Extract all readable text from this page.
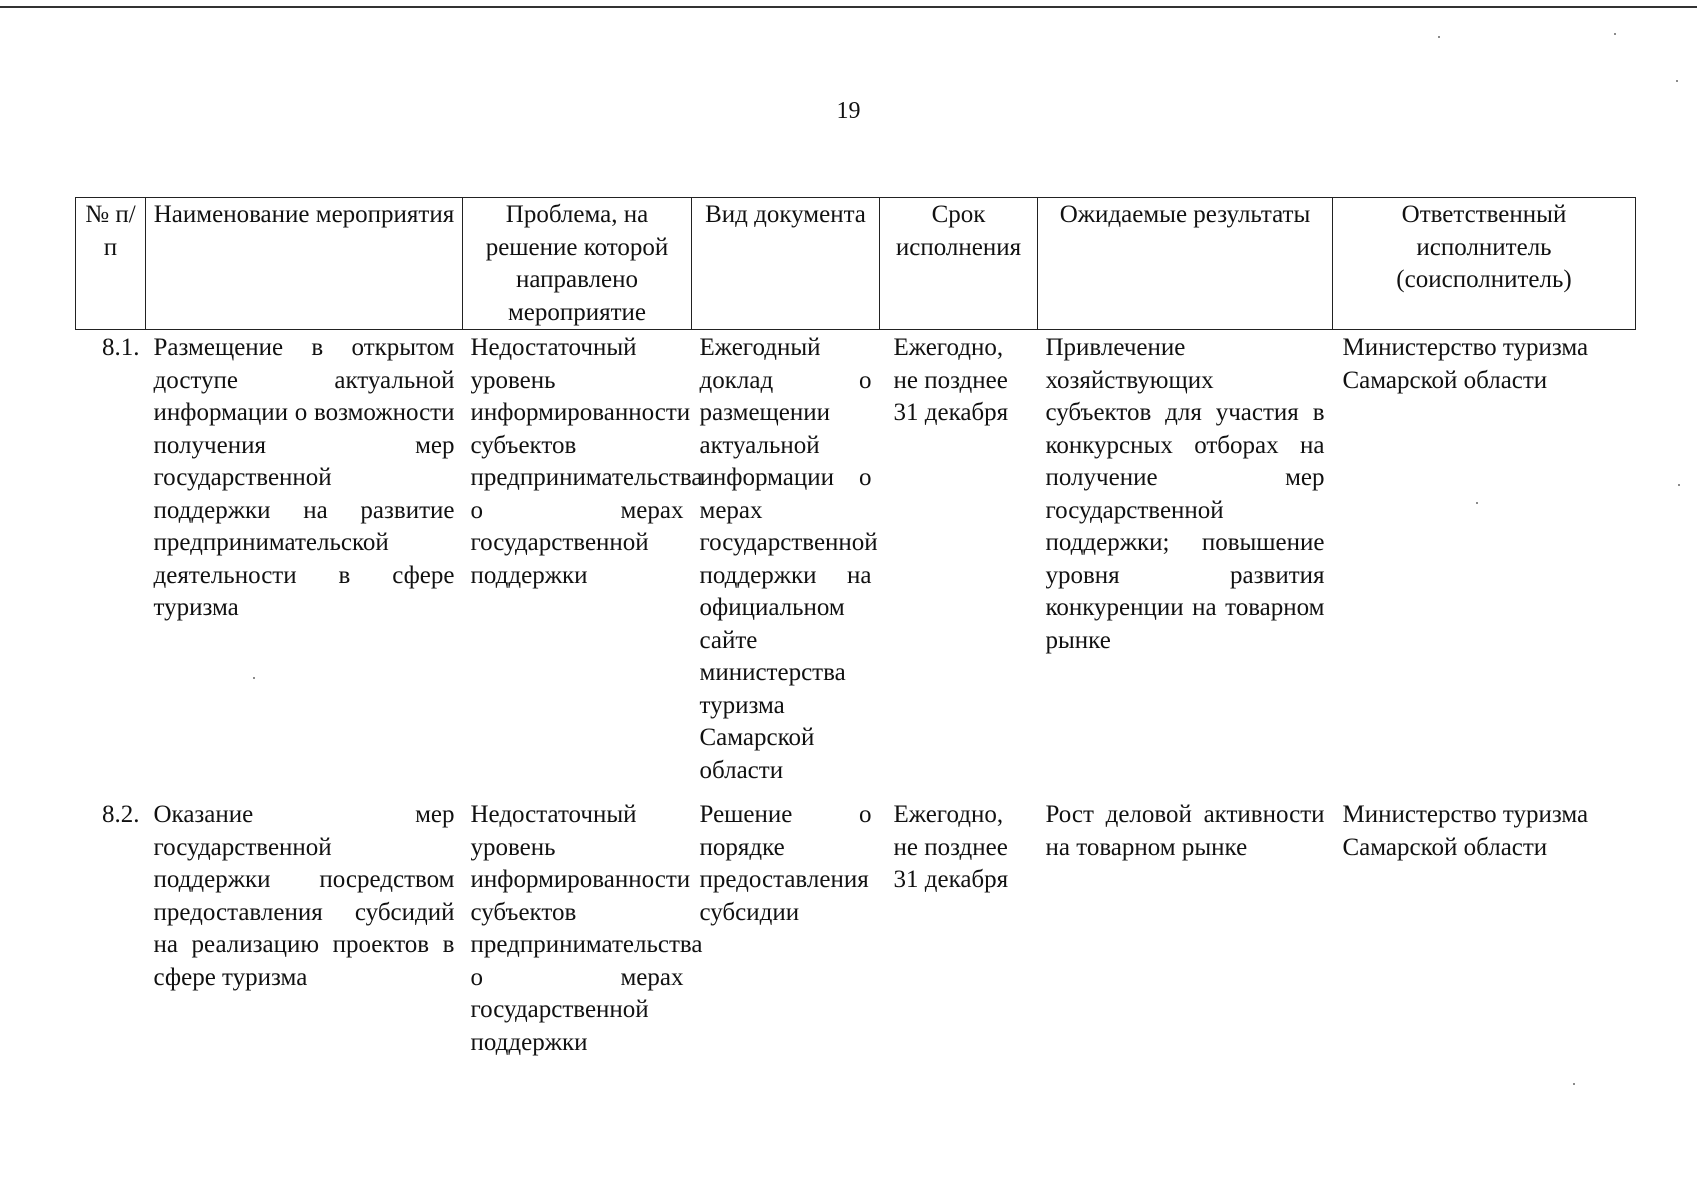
19
№ п/п	Наименование мероприятия	Проблема, на решение которой направлено мероприятие	Вид документа	Срок исполнения	Ожидаемые результаты	Ответственный исполнитель (соисполнитель)
8.1.	Размещение в открытом доступе актуальной информации о возможности получения мер государственной поддержки на развитие предпринимательской деятельности в сфере туризма	Недостаточный уровень информированности субъектов предпринимательства о мерах государственной поддержки	Ежегодный доклад о размещении актуальной информации о мерах государственной поддержки на официальном сайте министерства туризма Самарской области	Ежегодно, не позднее 31 декабря	Привлечение хозяйствующих субъектов для участия в конкурсных отборах на получение мер государственной поддержки; повышение уровня развития конкуренции на товарном рынке	Министерство туризма Самарской области
8.2.	Оказание мер государственной поддержки посредством предоставления субсидий на реализацию проектов в сфере туризма	Недостаточный уровень информированности субъектов предпринимательства о мерах государственной поддержки	Решение о порядке предоставления субсидии	Ежегодно, не позднее 31 декабря	Рост деловой активности на товарном рынке	Министерство туризма Самарской области
